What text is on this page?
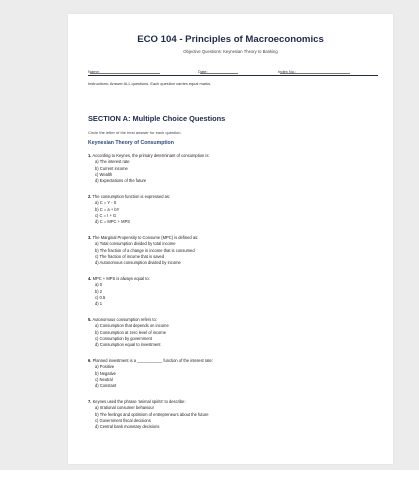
ECO 104 - Principles of Macroeconomics
Objective Questions: Keynesian Theory to Banking
Name:	Date:	Index No.:
Instructions: Answer ALL questions. Each question carries equal marks.
SECTION A: Multiple Choice Questions
Circle the letter of the best answer for each question.
Keynesian Theory of Consumption
1. According to Keynes, the primary determinant of consumption is:
a) The interest rate
b) Current income
c) Wealth
d) Expectations of the future
2. The consumption function is expressed as:
a) C = Y - S
b) C = a + bY
c) C = I + G
d) C = MPC + MPS
3. The Marginal Propensity to Consume (MPC) is defined as:
a) Total consumption divided by total income
b) The fraction of a change in income that is consumed
c) The fraction of income that is saved
d) Autonomous consumption divided by income
4. MPC + MPS is always equal to:
a) 0
b) 2
c) 0.5
d) 1
5. Autonomous consumption refers to:
a) Consumption that depends on income
b) Consumption at zero level of income
c) Consumption by government
d) Consumption equal to investment
6. Planned investment is a ___________ function of the interest rate:
a) Positive
b) Negative
c) Neutral
d) Constant
7. Keynes used the phrase 'animal spirits' to describe:
a) Irrational consumer behaviour
b) The feelings and optimism of entrepreneurs about the future
c) Government fiscal decisions
d) Central bank monetary decisions
